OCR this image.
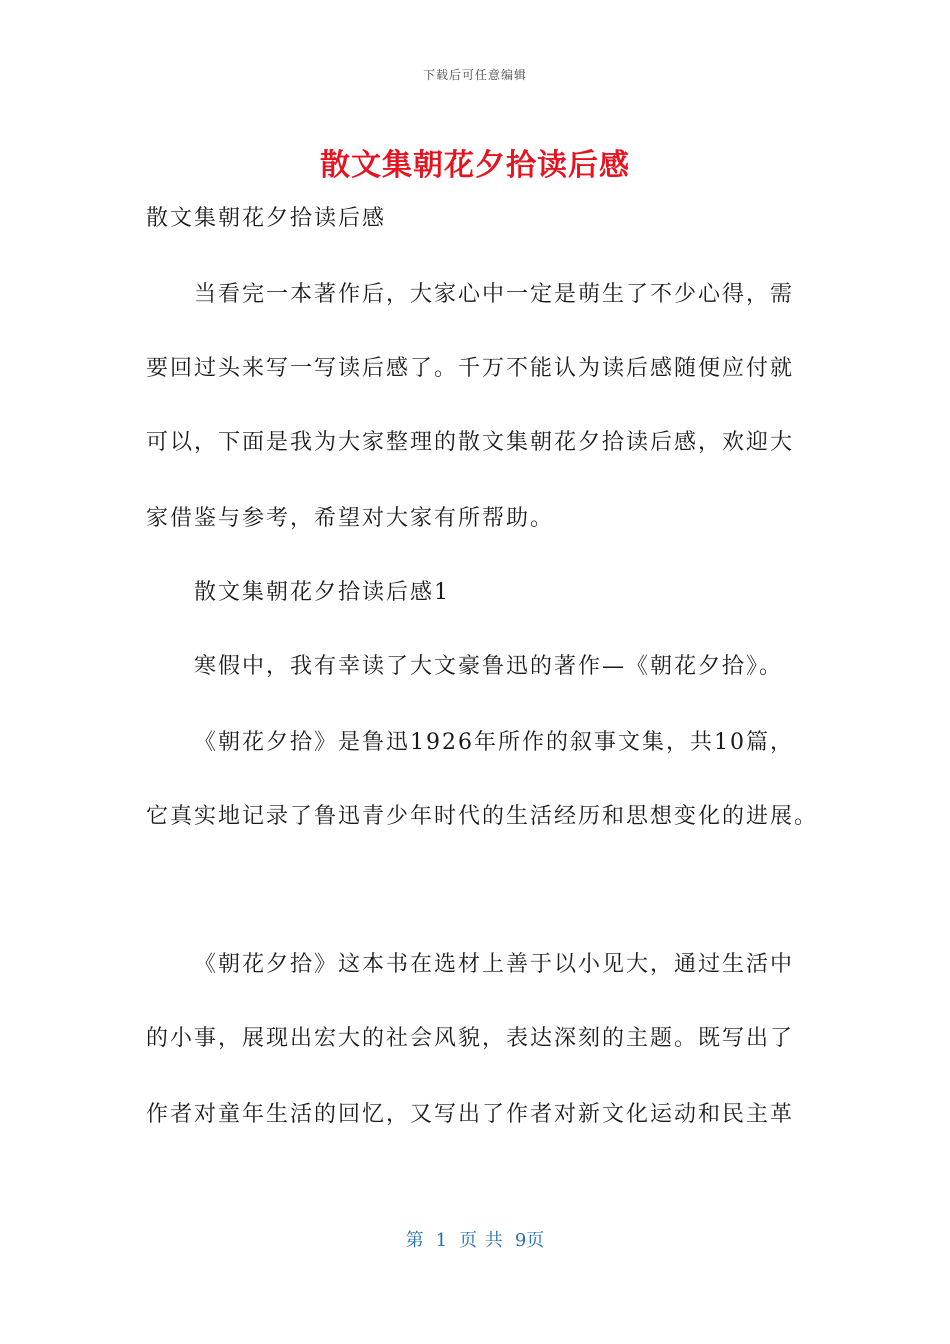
下载后可任意编辑
散文集朝花夕拾读后感
散文集朝花夕拾读后感
当看完一本著作后，大家心中一定是萌生了不少心得，需
要回过头来写一写读后感了。千万不能认为读后感随便应付就
可以，下面是我为大家整理的散文集朝花夕拾读后感，欢迎大
家借鉴与参考，希望对大家有所帮助。
散文集朝花夕拾读后感1
寒假中，我有幸读了大文豪鲁迅的著作—《朝花夕拾》。
《朝花夕拾》是鲁迅1926年所作的叙事文集，共10篇，
它真实地记录了鲁迅青少年时代的生活经历和思想变化的进展。
《朝花夕拾》这本书在选材上善于以小见大，通过生活中
的小事，展现出宏大的社会风貌，表达深刻的主题。既写出了
作者对童年生活的回忆，又写出了作者对新文化运动和民主革
第 1 页 共 9页
